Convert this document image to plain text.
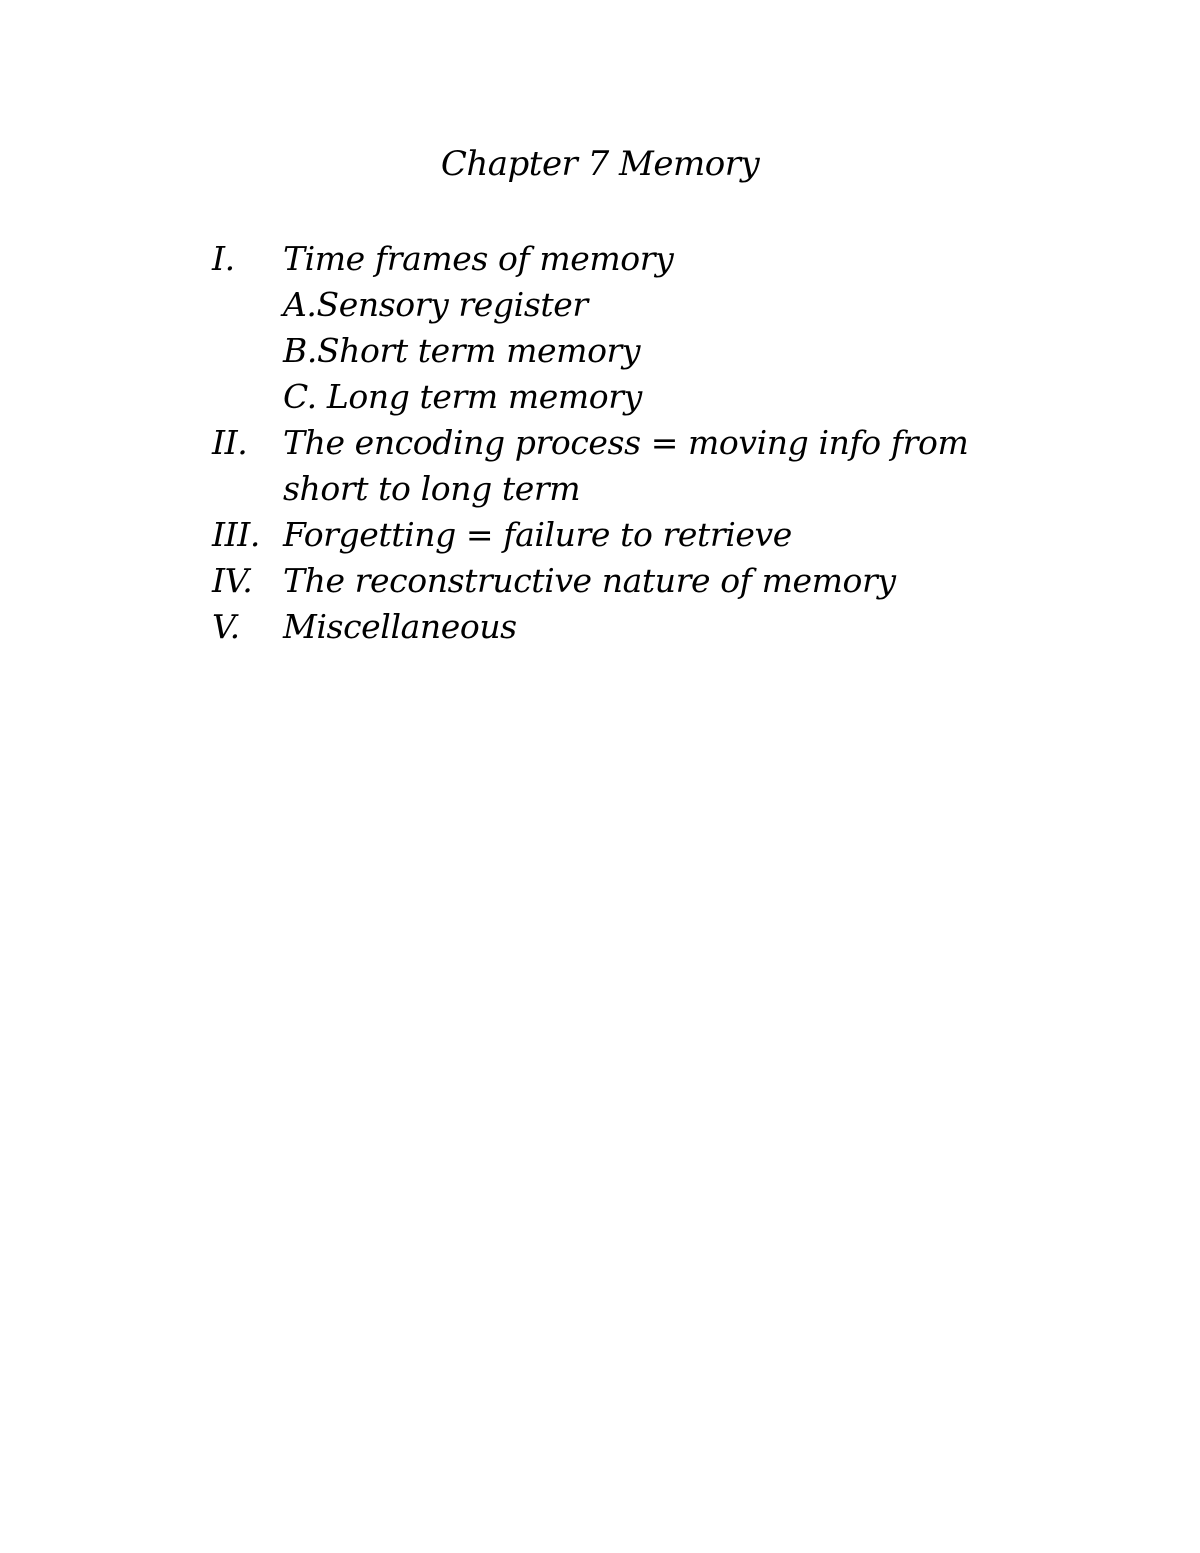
Chapter 7 Memory
I.	Time frames of memory
A.Sensory register
B.Short term memory
C. Long term memory
II.	The encoding process = moving info from
short to long term
III. Forgetting = failure to retrieve
IV. The reconstructive nature of memory
V.	Miscellaneous
